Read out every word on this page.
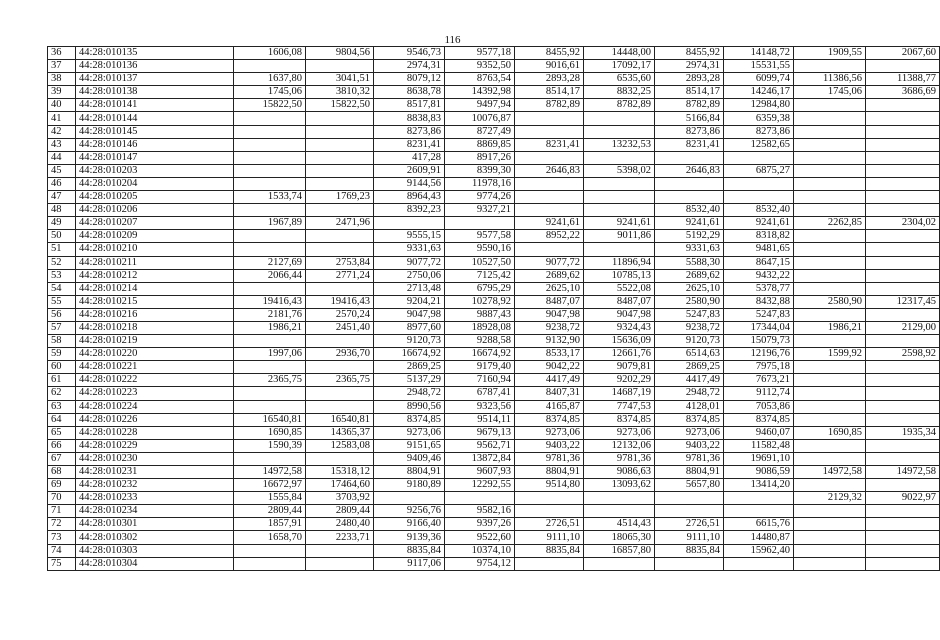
116
36	44:28:010135	1606,08	9804,56	9546,73	9577,18	8455,92	14448,00	8455,92	14148,72	1909,55	2067,60
37	44:28:010136			2974,31	9352,50	9016,61	17092,17	2974,31	15531,55		
38	44:28:010137	1637,80	3041,51	8079,12	8763,54	2893,28	6535,60	2893,28	6099,74	11386,56	11388,77
39	44:28:010138	1745,06	3810,32	8638,78	14392,98	8514,17	8832,25	8514,17	14246,17	1745,06	3686,69
40	44:28:010141	15822,50	15822,50	8517,81	9497,94	8782,89	8782,89	8782,89	12984,80		
41	44:28:010144			8838,83	10076,87			5166,84	6359,38		
42	44:28:010145			8273,86	8727,49			8273,86	8273,86		
43	44:28:010146			8231,41	8869,85	8231,41	13232,53	8231,41	12582,65		
44	44:28:010147			417,28	8917,26						
45	44:28:010203			2609,91	8399,30	2646,83	5398,02	2646,83	6875,27		
46	44:28:010204			9144,56	11978,16						
47	44:28:010205	1533,74	1769,23	8964,43	9774,26						
48	44:28:010206			8392,23	9327,21			8532,40	8532,40		
49	44:28:010207	1967,89	2471,96			9241,61	9241,61	9241,61	9241,61	2262,85	2304,02
50	44:28:010209			9555,15	9577,58	8952,22	9011,86	5192,29	8318,82		
51	44:28:010210			9331,63	9590,16			9331,63	9481,65		
52	44:28:010211	2127,69	2753,84	9077,72	10527,50	9077,72	11896,94	5588,30	8647,15		
53	44:28:010212	2066,44	2771,24	2750,06	7125,42	2689,62	10785,13	2689,62	9432,22		
54	44:28:010214			2713,48	6795,29	2625,10	5522,08	2625,10	5378,77		
55	44:28:010215	19416,43	19416,43	9204,21	10278,92	8487,07	8487,07	2580,90	8432,88	2580,90	12317,45
56	44:28:010216	2181,76	2570,24	9047,98	9887,43	9047,98	9047,98	5247,83	5247,83		
57	44:28:010218	1986,21	2451,40	8977,60	18928,08	9238,72	9324,43	9238,72	17344,04	1986,21	2129,00
58	44:28:010219			9120,73	9288,58	9132,90	15636,09	9120,73	15079,73		
59	44:28:010220	1997,06	2936,70	16674,92	16674,92	8533,17	12661,76	6514,63	12196,76	1599,92	2598,92
60	44:28:010221			2869,25	9179,40	9042,22	9079,81	2869,25	7975,18		
61	44:28:010222	2365,75	2365,75	5137,29	7160,94	4417,49	9202,29	4417,49	7673,21		
62	44:28:010223			2948,72	6787,41	8407,31	14687,19	2948,72	9112,74		
63	44:28:010224			8990,56	9323,56	4165,87	7747,53	4128,01	7053,86		
64	44:28:010226	16540,81	16540,81	8374,85	9514,11	8374,85	8374,85	8374,85	8374,85		
65	44:28:010228	1690,85	14365,37	9273,06	9679,13	9273,06	9273,06	9273,06	9460,07	1690,85	1935,34
66	44:28:010229	1590,39	12583,08	9151,65	9562,71	9403,22	12132,06	9403,22	11582,48		
67	44:28:010230			9409,46	13872,84	9781,36	9781,36	9781,36	19691,10		
68	44:28:010231	14972,58	15318,12	8804,91	9607,93	8804,91	9086,63	8804,91	9086,59	14972,58	14972,58
69	44:28:010232	16672,97	17464,60	9180,89	12292,55	9514,80	13093,62	5657,80	13414,20		
70	44:28:010233	1555,84	3703,92							2129,32	9022,97
71	44:28:010234	2809,44	2809,44	9256,76	9582,16						
72	44:28:010301	1857,91	2480,40	9166,40	9397,26	2726,51	4514,43	2726,51	6615,76		
73	44:28:010302	1658,70	2233,71	9139,36	9522,60	9111,10	18065,30	9111,10	14480,87		
74	44:28:010303			8835,84	10374,10	8835,84	16857,80	8835,84	15962,40		
75	44:28:010304			9117,06	9754,12						
